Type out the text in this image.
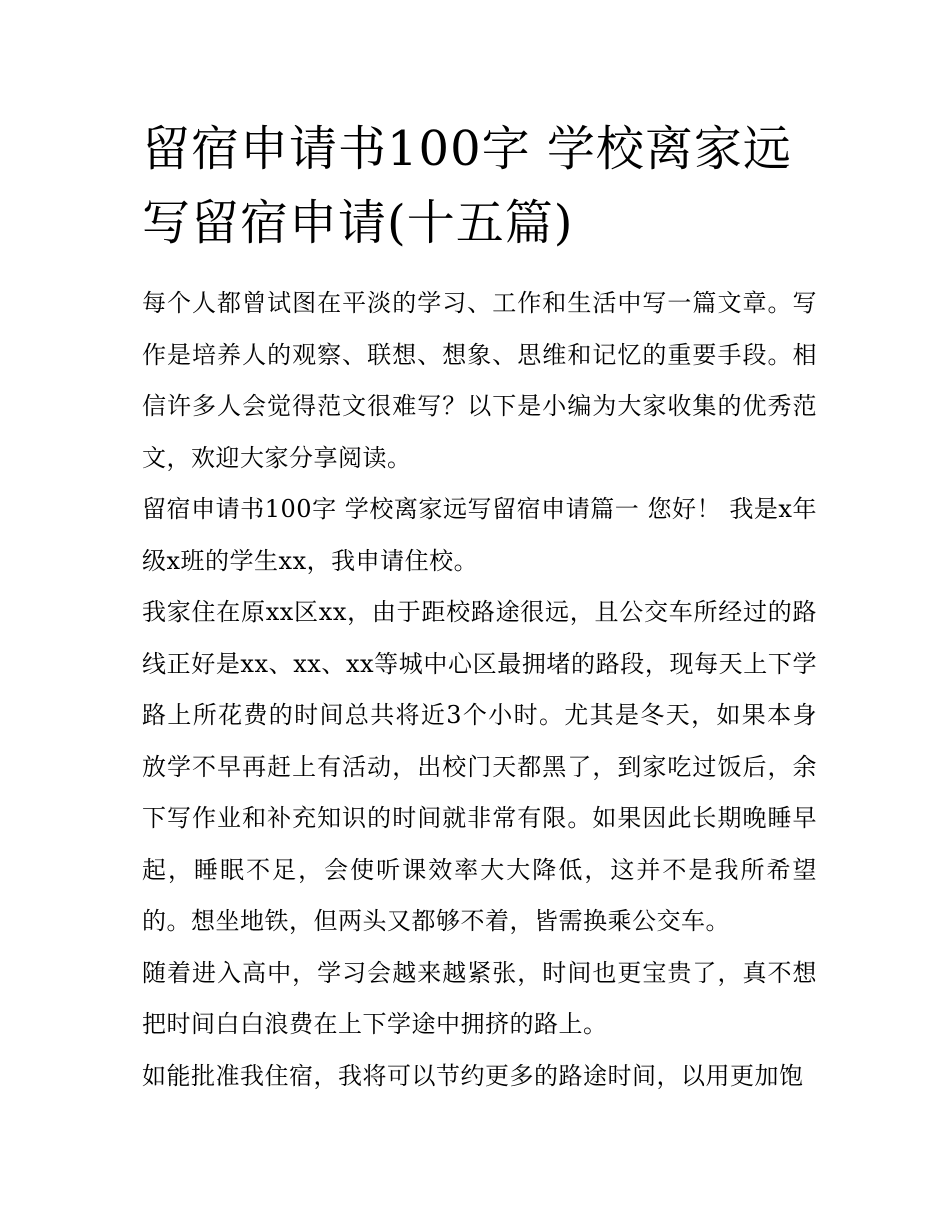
留宿申请书100字 学校离家远写留宿申请(十五篇)

每个人都曾试图在平淡的学习、工作和生活中写一篇文章。写作是培养人的观察、联想、想象、思维和记忆的重要手段。相信许多人会觉得范文很难写？以下是小编为大家收集的优秀范文，欢迎大家分享阅读。

留宿申请书100字 学校离家远写留宿申请篇一 您好！ 我是x年级x班的学生xx，我申请住校。

我家住在原xx区xx，由于距校路途很远，且公交车所经过的路线正好是xx、xx、xx等城中心区最拥堵的路段，现每天上下学路上所花费的时间总共将近3个小时。尤其是冬天，如果本身放学不早再赶上有活动，出校门天都黑了，到家吃过饭后，余下写作业和补充知识的时间就非常有限。如果因此长期晚睡早起，睡眠不足，会使听课效率大大降低，这并不是我所希望的。想坐地铁，但两头又都够不着，皆需换乘公交车。

随着进入高中，学习会越来越紧张，时间也更宝贵了，真不想把时间白白浪费在上下学途中拥挤的路上。

如能批准我住宿，我将可以节约更多的路途时间，以用更加饱
